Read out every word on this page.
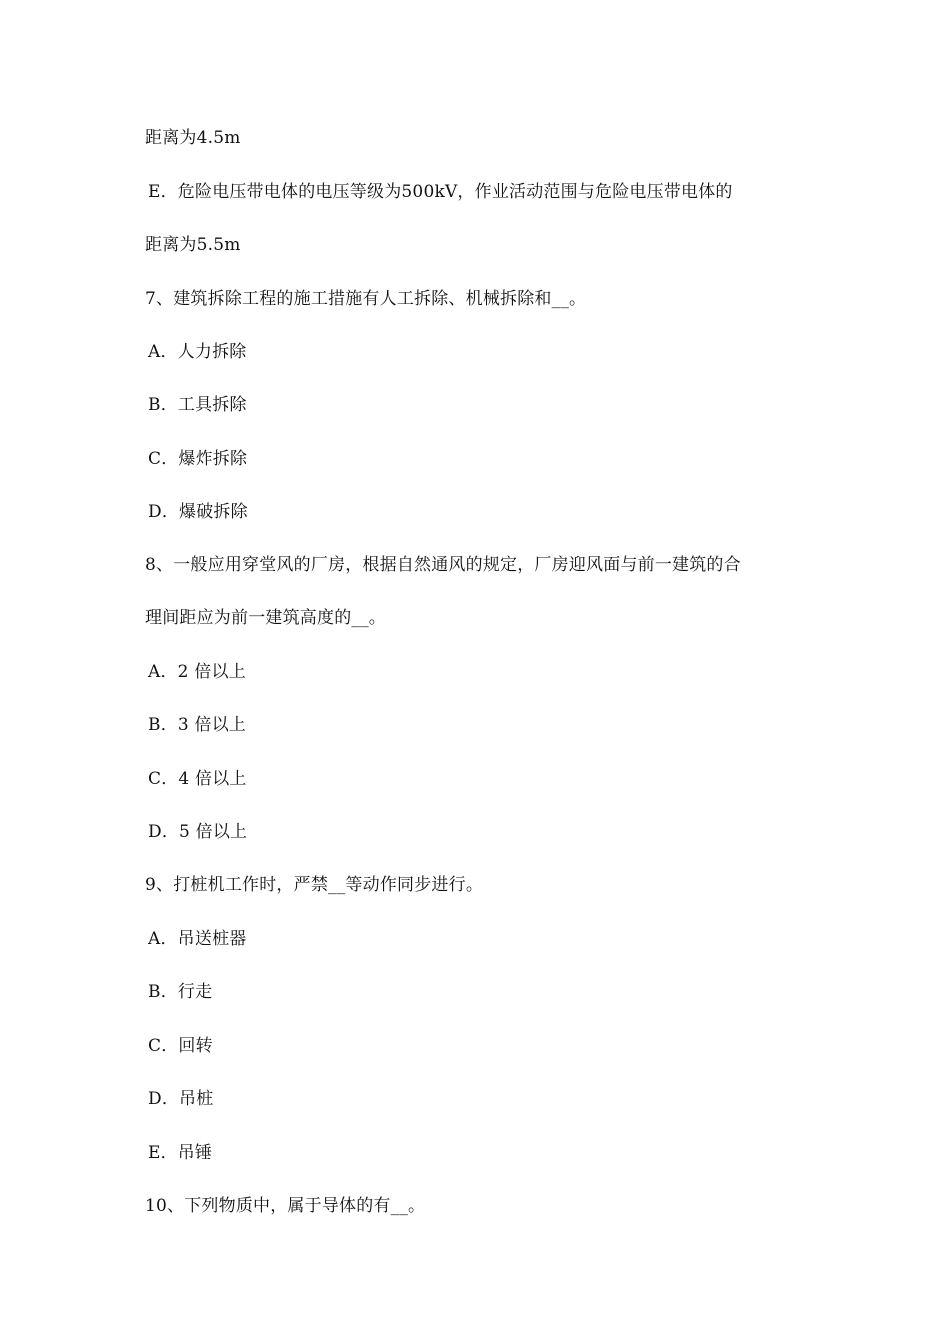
距离为4.5m
E．危险电压带电体的电压等级为500kV，作业活动范围与危险电压带电体的
距离为5.5m
7、建筑拆除工程的施工措施有人工拆除、机械拆除和__。
A．人力拆除
B．工具拆除
C．爆炸拆除
D．爆破拆除
8、一般应用穿堂风的厂房，根据自然通风的规定，厂房迎风面与前一建筑的合
理间距应为前一建筑高度的__。
A．2 倍以上
B．3 倍以上
C．4 倍以上
D．5 倍以上
9、打桩机工作时，严禁__等动作同步进行。
A．吊送桩器
B．行走
C．回转
D．吊桩
E．吊锤
10、下列物质中，属于导体的有__。
